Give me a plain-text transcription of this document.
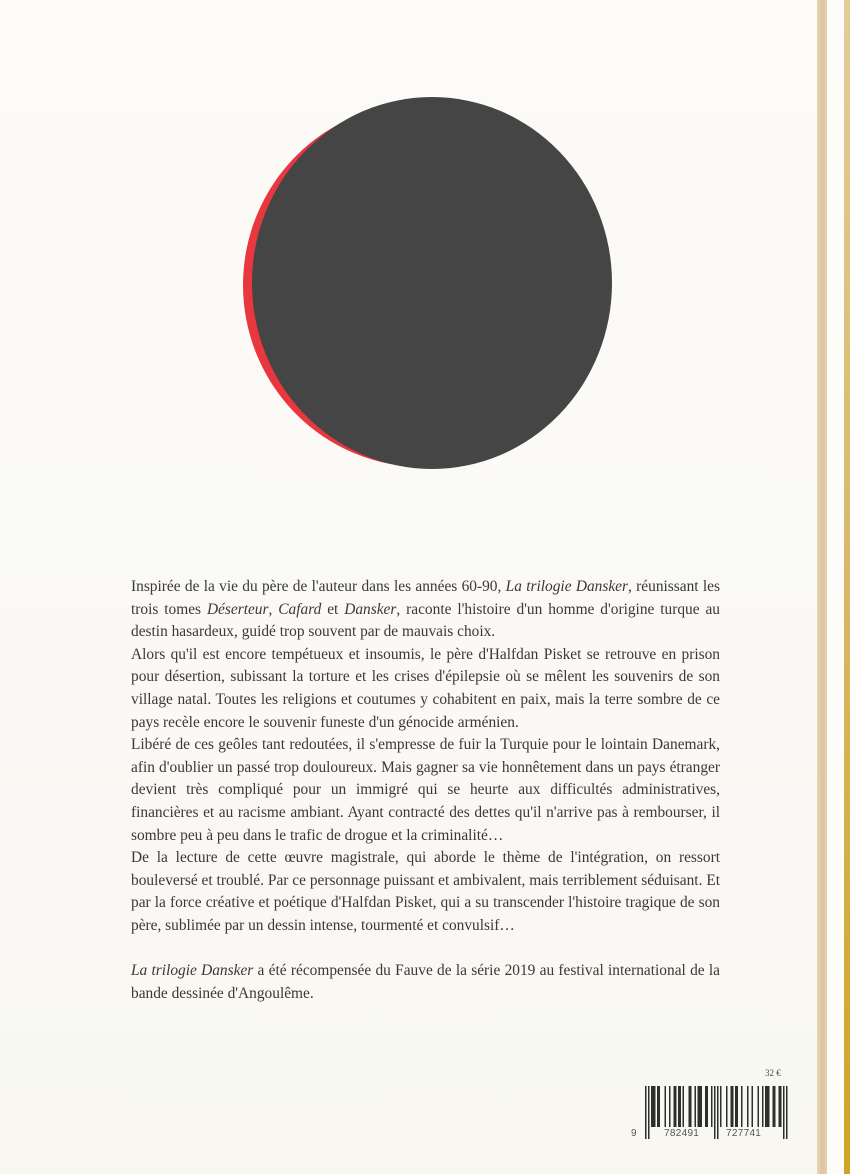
Inspirée de la vie du père de l'auteur dans les années 60-90, La trilogie Dansker, réunissant les trois tomes Déserteur, Cafard et Dansker, raconte l'histoire d'un homme d'origine turque au destin hasardeux, guidé trop souvent par de mauvais choix.

Alors qu'il est encore tempétueux et insoumis, le père d'Halfdan Pisket se retrouve en prison pour désertion, subissant la torture et les crises d'épilepsie où se mêlent les souvenirs de son village natal. Toutes les religions et coutumes y cohabitent en paix, mais la terre sombre de ce pays recèle encore le souvenir funeste d'un génocide arménien.

Libéré de ces geôles tant redoutées, il s'empresse de fuir la Turquie pour le lointain Danemark, afin d'oublier un passé trop douloureux. Mais gagner sa vie honnêtement dans un pays étranger devient très compliqué pour un immigré qui se heurte aux difficultés administratives, financières et au racisme ambiant. Ayant contracté des dettes qu'il n'arrive pas à rembourser, il sombre peu à peu dans le trafic de drogue et la criminalité…

De la lecture de cette œuvre magistrale, qui aborde le thème de l'intégration, on ressort bouleversé et troublé. Par ce personnage puissant et ambivalent, mais terriblement séduisant. Et par la force créative et poétique d'Halfdan Pisket, qui a su transcender l'histoire tragique de son père, sublimée par un dessin intense, tourmenté et convulsif…

La trilogie Dansker a été récompensée du Fauve de la série 2019 au festival international de la bande dessinée d'Angoulême.

32 €
9	782491	727741
